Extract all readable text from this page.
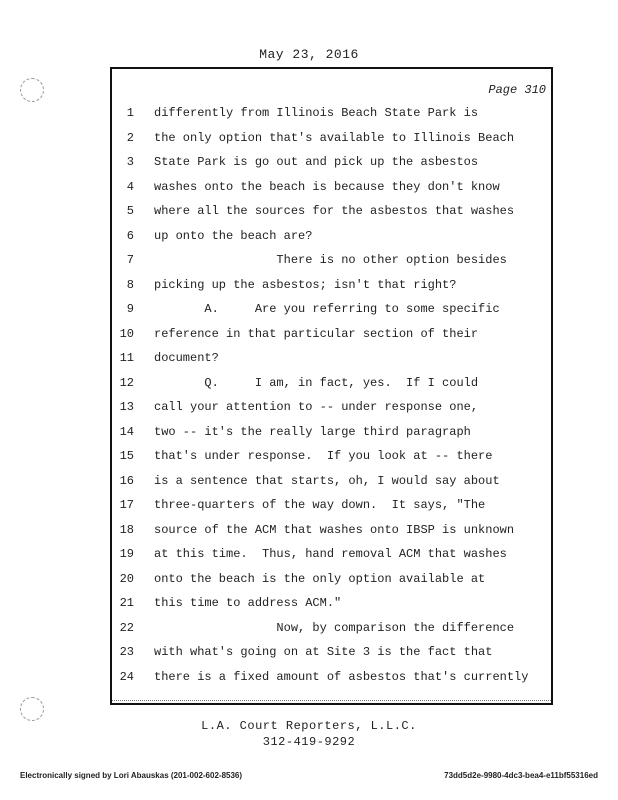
May 23, 2016
Page 310
1 differently from Illinois Beach State Park is
2 the only option that's available to Illinois Beach
3 State Park is go out and pick up the asbestos
4 washes onto the beach is because they don't know
5 where all the sources for the asbestos that washes
6 up onto the beach are?
7 There is no other option besides
8 picking up the asbestos; isn't that right?
9 A.     Are you referring to some specific
10 reference in that particular section of their
11 document?
12 Q.     I am, in fact, yes.  If I could
13 call your attention to -- under response one,
14 two -- it's the really large third paragraph
15 that's under response.  If you look at -- there
16 is a sentence that starts, oh, I would say about
17 three-quarters of the way down.  It says, "The
18 source of the ACM that washes onto IBSP is unknown
19 at this time.  Thus, hand removal ACM that washes
20 onto the beach is the only option available at
21 this time to address ACM."
22 Now, by comparison the difference
23 with what's going on at Site 3 is the fact that
24 there is a fixed amount of asbestos that's currently
L.A. Court Reporters, L.L.C.
312-419-9292
Electronically signed by Lori Abauskas (201-002-602-8536)	73dd5d2e-9980-4dc3-bea4-e11bf55316ed
